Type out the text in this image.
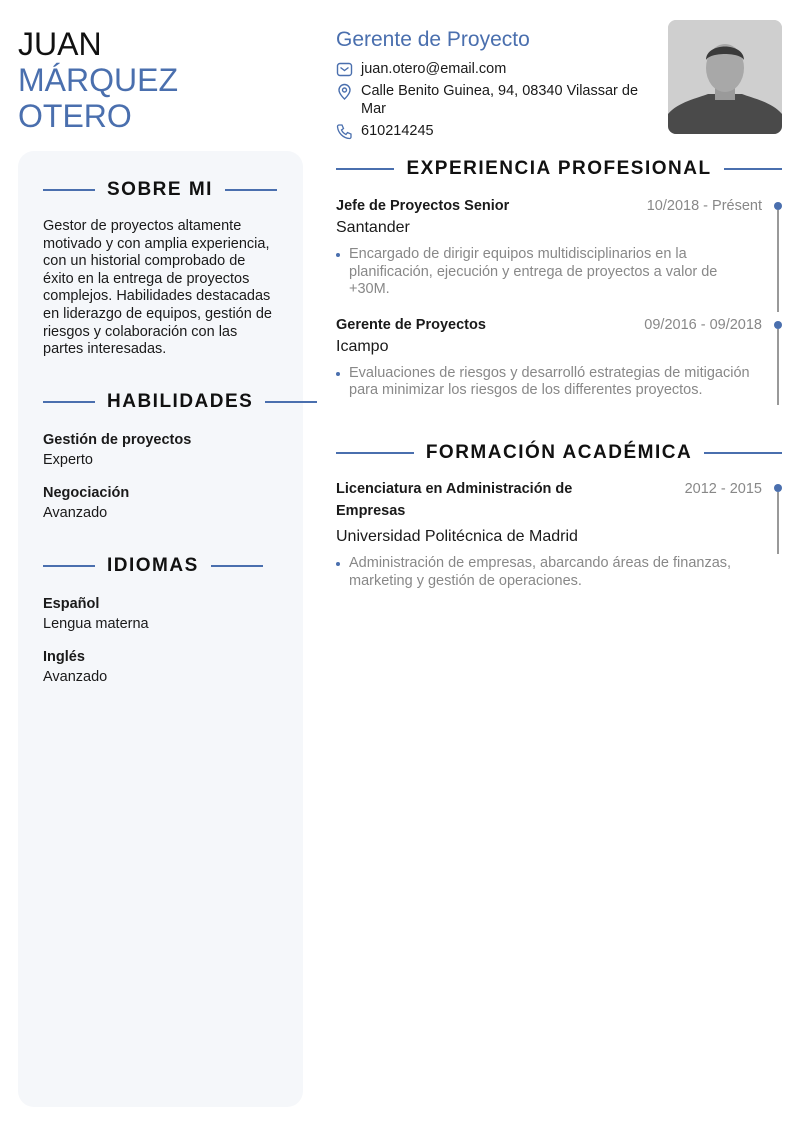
JUAN
MÁRQUEZ
OTERO
SOBRE MI

Gestor de proyectos altamente motivado y con amplia experiencia, con un historial comprobado de éxito en la entrega de proyectos complejos. Habilidades destacadas en liderazgo de equipos, gestión de riesgos y colaboración con las partes interesadas.

HABILIDADES
Gestión de proyectos
Experto
Negociación
Avanzado
IDIOMAS
Español
Lengua materna
Inglés
Avanzado
Gerente de Proyecto
juan.otero@email.com
Calle Benito Guinea, 94, 08340 Vilassar de Mar
610214245
EXPERIENCIA PROFESIONAL
Jefe de Proyectos Senior	10/2018 - Présent
Santander
Encargado de dirigir equipos multidisciplinarios en la planificación, ejecución y entrega de proyectos a valor de +30M.
Gerente de Proyectos	09/2016 - 09/2018
Icampo
Evaluaciones de riesgos y desarrolló estrategias de mitigación para minimizar los riesgos de los differentes proyectos.
FORMACIÓN ACADÉMICA
Licenciatura en Administración de Empresas
2012 - 2015
Universidad Politécnica de Madrid
Administración de empresas, abarcando áreas de finanzas, marketing y gestión de operaciones.
